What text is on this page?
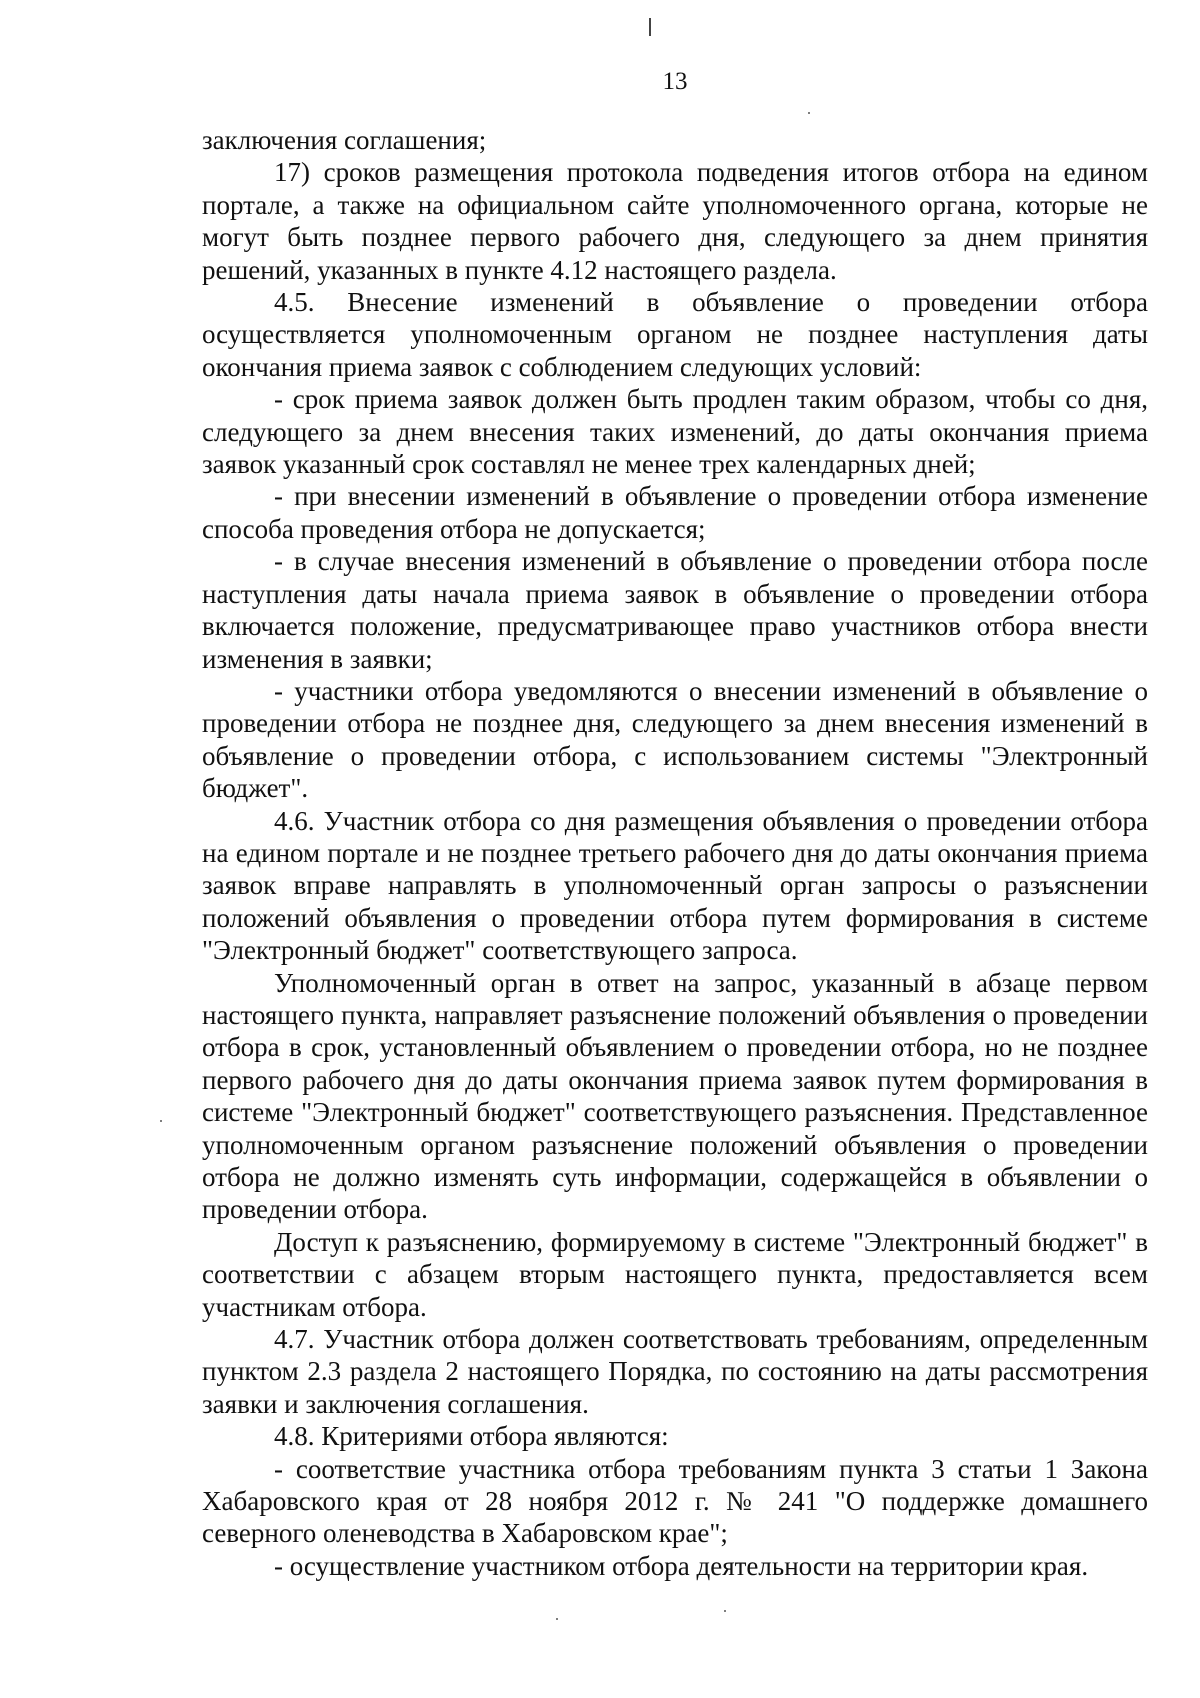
13

заключения соглашения;

17) сроков размещения протокола подведения итогов отбора на едином портале, а также на официальном сайте уполномоченного органа, которые не могут быть позднее первого рабочего дня, следующего за днем принятия решений, указанных в пункте 4.12 настоящего раздела.

4.5. Внесение изменений в объявление о проведении отбора осуществляется уполномоченным органом не позднее наступления даты окончания приема заявок с соблюдением следующих условий:

- срок приема заявок должен быть продлен таким образом, чтобы со дня, следующего за днем внесения таких изменений, до даты окончания приема заявок указанный срок составлял не менее трех календарных дней;

- при внесении изменений в объявление о проведении отбора изменение способа проведения отбора не допускается;

- в случае внесения изменений в объявление о проведении отбора после наступления даты начала приема заявок в объявление о проведении отбора включается положение, предусматривающее право участников отбора внести изменения в заявки;

- участники отбора уведомляются о внесении изменений в объявление о проведении отбора не позднее дня, следующего за днем внесения изменений в объявление о проведении отбора, с использованием системы "Электронный бюджет".

4.6. Участник отбора со дня размещения объявления о проведении отбора на едином портале и не позднее третьего рабочего дня до даты окончания приема заявок вправе направлять в уполномоченный орган запросы о разъяснении положений объявления о проведении отбора путем формирования в системе "Электронный бюджет" соответствующего запроса.

Уполномоченный орган в ответ на запрос, указанный в абзаце первом настоящего пункта, направляет разъяснение положений объявления о проведении отбора в срок, установленный объявлением о проведении отбора, но не позднее первого рабочего дня до даты окончания приема заявок путем формирования в системе "Электронный бюджет" соответствующего разъяснения. Представленное уполномоченным органом разъяснение положений объявления о проведении отбора не должно изменять суть информации, содержащейся в объявлении о проведении отбора.

Доступ к разъяснению, формируемому в системе "Электронный бюджет" в соответствии с абзацем вторым настоящего пункта, предоставляется всем участникам отбора.

4.7. Участник отбора должен соответствовать требованиям, определенным пунктом 2.3 раздела 2 настоящего Порядка, по состоянию на даты рассмотрения заявки и заключения соглашения.

4.8. Критериями отбора являются:

- соответствие участника отбора требованиям пункта 3 статьи 1 Закона Хабаровского края от 28 ноября 2012 г. № 241 "О поддержке домашнего северного оленеводства в Хабаровском крае";

- осуществление участником отбора деятельности на территории края.
